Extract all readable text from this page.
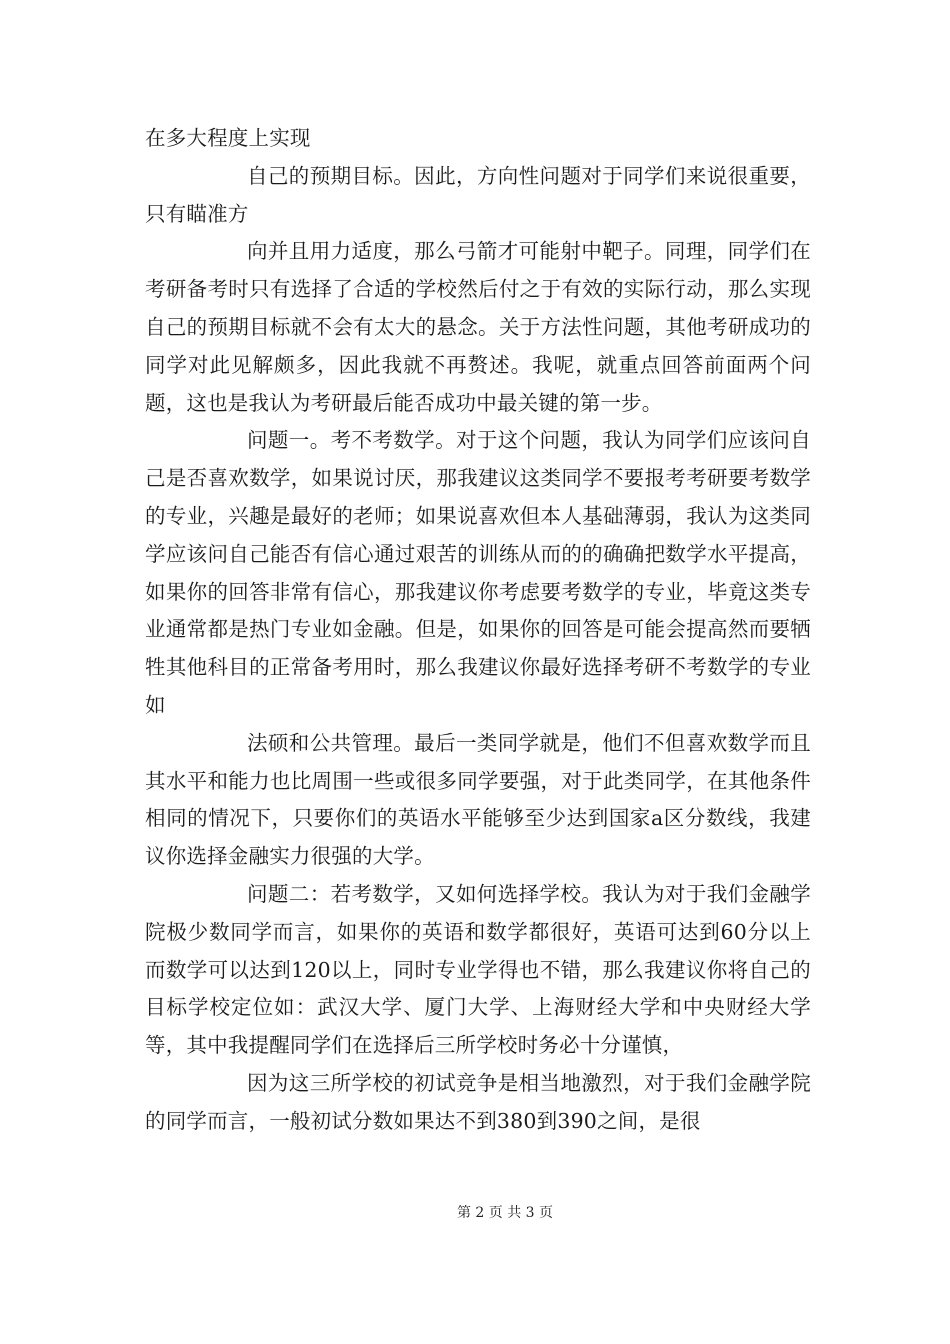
在多大程度上实现

自己的预期目标。因此，方向性问题对于同学们来说很重要，只有瞄准方

向并且用力适度，那么弓箭才可能射中靶子。同理，同学们在考研备考时只有选择了合适的学校然后付之于有效的实际行动，那么实现自己的预期目标就不会有太大的悬念。关于方法性问题，其他考研成功的同学对此见解颇多，因此我就不再赘述。我呢，就重点回答前面两个问题，这也是我认为考研最后能否成功中最关键的第一步。

问题一。考不考数学。对于这个问题，我认为同学们应该问自己是否喜欢数学，如果说讨厌，那我建议这类同学不要报考考研要考数学的专业，兴趣是最好的老师；如果说喜欢但本人基础薄弱，我认为这类同学应该问自己能否有信心通过艰苦的训练从而的的确确把数学水平提高，如果你的回答非常有信心，那我建议你考虑要考数学的专业，毕竟这类专业通常都是热门专业如金融。但是，如果你的回答是可能会提高然而要牺牲其他科目的正常备考用时，那么我建议你最好选择考研不考数学的专业如

法硕和公共管理。最后一类同学就是，他们不但喜欢数学而且其水平和能力也比周围一些或很多同学要强，对于此类同学，在其他条件相同的情况下，只要你们的英语水平能够至少达到国家a区分数线，我建议你选择金融实力很强的大学。

问题二：若考数学，又如何选择学校。我认为对于我们金融学院极少数同学而言，如果你的英语和数学都很好，英语可达到60分以上而数学可以达到120以上，同时专业学得也不错，那么我建议你将自己的目标学校定位如：武汉大学、厦门大学、上海财经大学和中央财经大学等，其中我提醒同学们在选择后三所学校时务必十分谨慎，

因为这三所学校的初试竞争是相当地激烈，对于我们金融学院的同学而言，一般初试分数如果达不到380到390之间，是很

第 2 页 共 3 页
